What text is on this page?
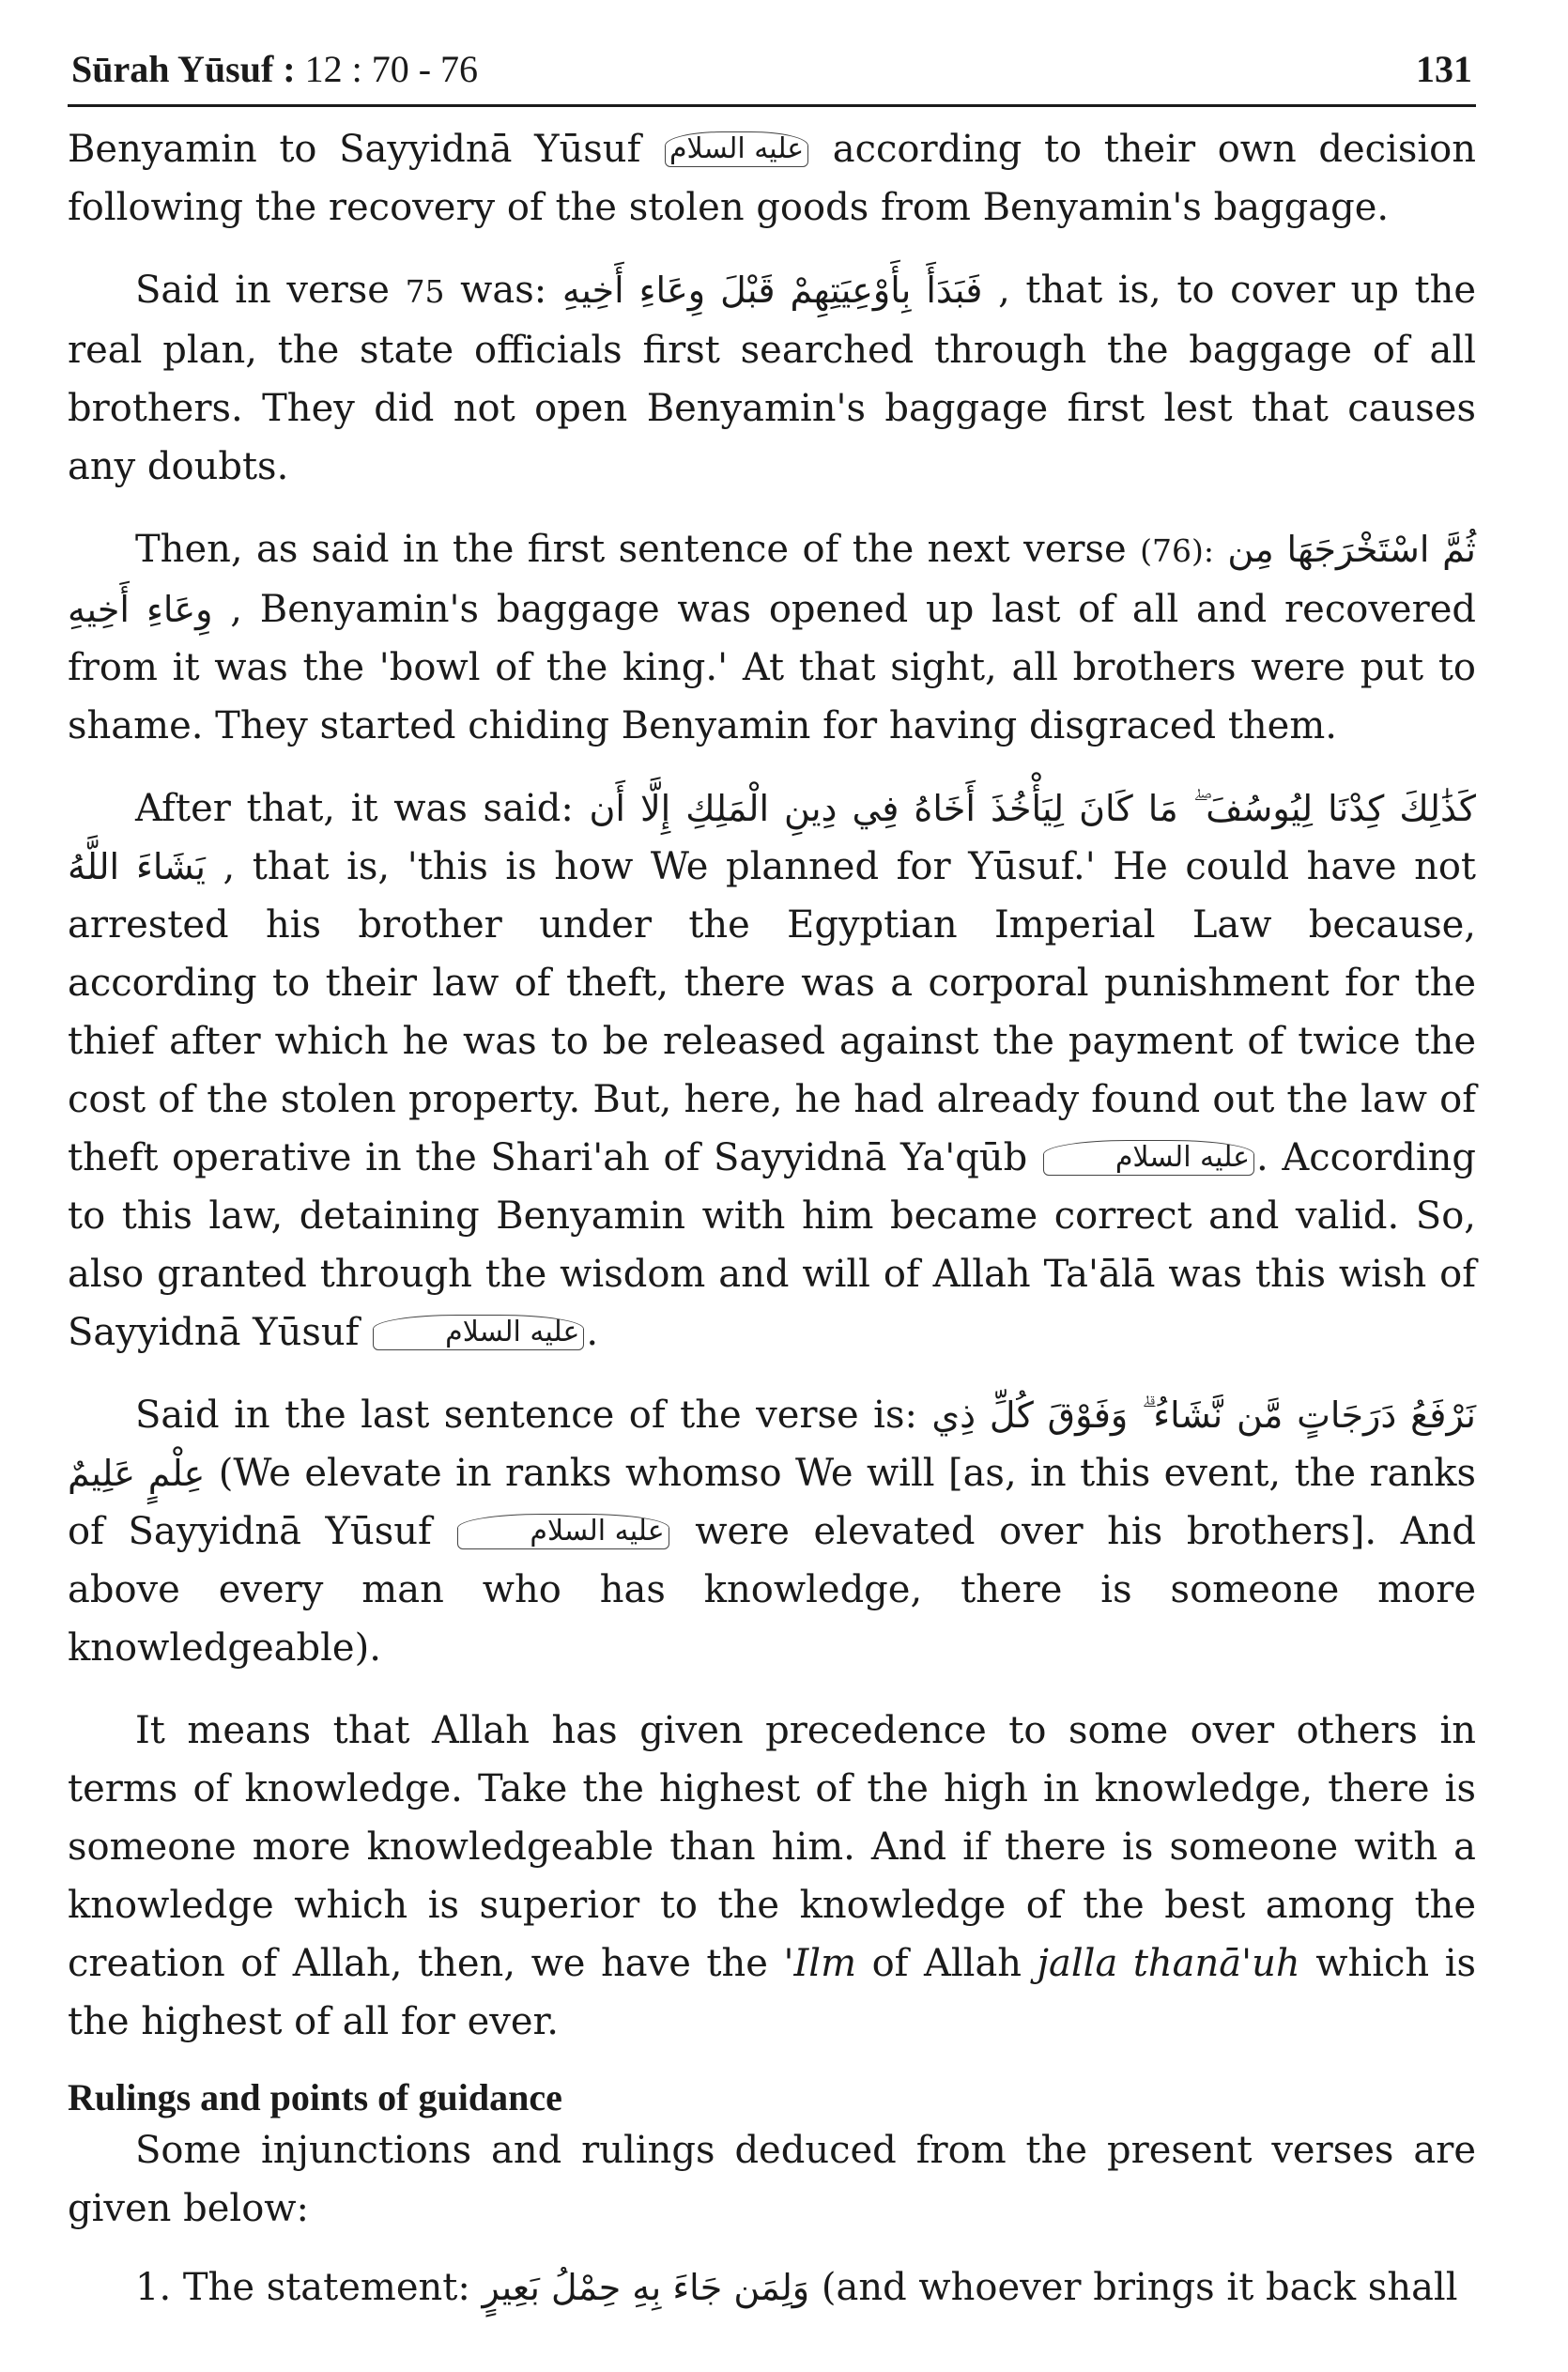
Sūrah Yūsuf : 12 : 70 - 76	131

Benyamin to Sayyidnā Yūsuf عليه السلام according to their own decision following the recovery of the stolen goods from Benyamin's baggage.

Said in verse 75 was: فَبَدَأَ بِأَوْعِيَتِهِمْ قَبْلَ وِعَاءِ أَخِيهِ , that is, to cover up the real plan, the state officials first searched through the baggage of all brothers. They did not open Benyamin's baggage first lest that causes any doubts.

Then, as said in the first sentence of the next verse (76): ثُمَّ اسْتَخْرَجَهَا مِن وِعَاءِ أَخِيهِ , Benyamin's baggage was opened up last of all and recovered from it was the 'bowl of the king.' At that sight, all brothers were put to shame. They started chiding Benyamin for having disgraced them.

After that, it was said: كَذَٰلِكَ كِدْنَا لِيُوسُفَ ۖ مَا كَانَ لِيَأْخُذَ أَخَاهُ فِي دِينِ الْمَلِكِ إِلَّا أَن يَشَاءَ اللَّهُ , that is, 'this is how We planned for Yūsuf.' He could have not arrested his brother under the Egyptian Imperial Law because, according to their law of theft, there was a corporal punishment for the thief after which he was to be released against the payment of twice the cost of the stolen property. But, here, he had already found out the law of theft operative in the Shari'ah of Sayyidnā Ya'qūb	عليه السلام . According to this law, detaining Benyamin with him became correct and valid. So, also granted through the wisdom and will of Allah Ta'ālā was this wish of Sayyidnā Yūsuf	عليه السلام .

Said in the last sentence of the verse is: نَرْفَعُ دَرَجَاتٍ مَّن نَّشَاءُ ۗ وَفَوْقَ كُلِّ ذِي عِلْمٍ عَلِيمٌ (We elevate in ranks whomso We will [as, in this event, the ranks of Sayyidnā Yūsuf	عليه السلام were elevated over his brothers]. And above every man who has knowledge, there is someone more knowledgeable).

It means that Allah has given precedence to some over others in terms of knowledge. Take the highest of the high in knowledge, there is someone more knowledgeable than him. And if there is someone with a knowledge which is superior to the knowledge of the best among the creation of Allah, then, we have the 'Ilm of Allah jalla thanā'uh which is the highest of all for ever.

Rulings and points of guidance

Some injunctions and rulings deduced from the present verses are given below:

1. The statement: وَلِمَن جَاءَ بِهِ حِمْلُ بَعِيرٍ (and whoever brings it back shall
